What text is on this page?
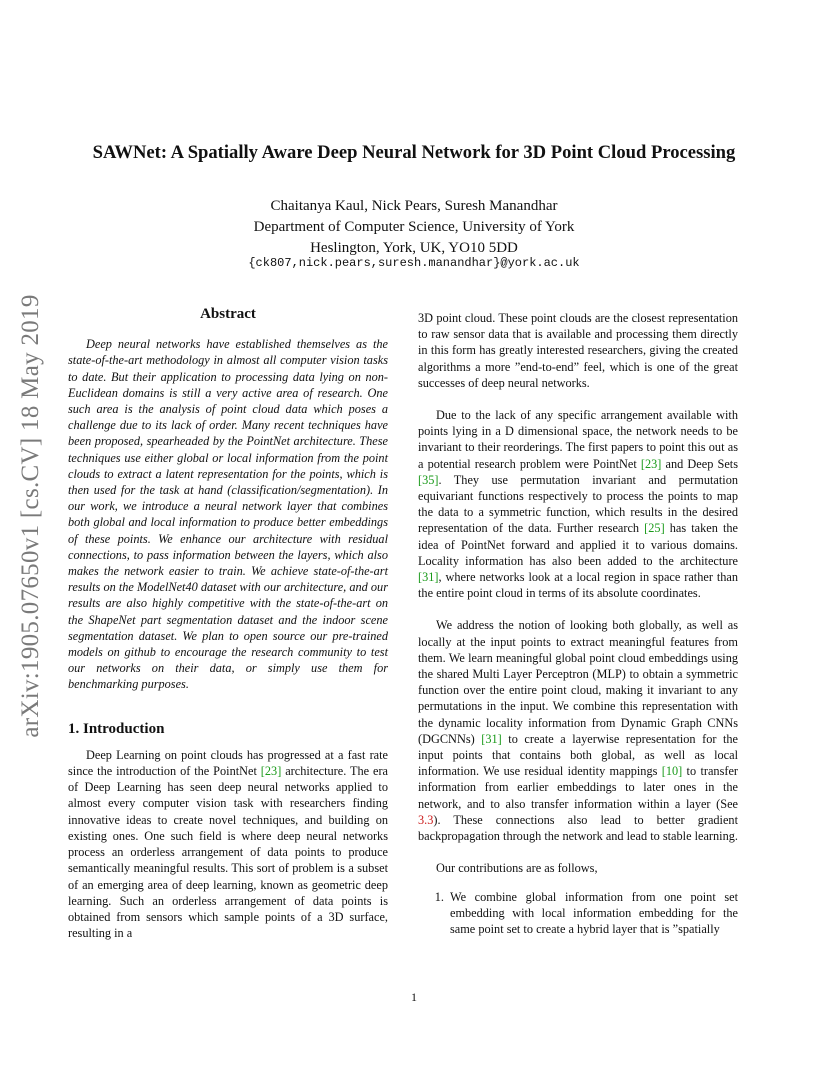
arXiv:1905.07650v1 [cs.CV] 18 May 2019
SAWNet: A Spatially Aware Deep Neural Network for 3D Point Cloud Processing
Chaitanya Kaul, Nick Pears, Suresh Manandhar
Department of Computer Science, University of York
Heslington, York, UK, YO10 5DD
{ck807,nick.pears,suresh.manandhar}@york.ac.uk
Abstract

Deep neural networks have established themselves as the state-of-the-art methodology in almost all computer vision tasks to date. But their application to processing data lying on non-Euclidean domains is still a very active area of research. One such area is the analysis of point cloud data which poses a challenge due to its lack of order. Many recent techniques have been proposed, spearheaded by the PointNet architecture. These techniques use either global or local information from the point clouds to extract a latent representation for the points, which is then used for the task at hand (classification/segmentation). In our work, we introduce a neural network layer that combines both global and local information to produce better embeddings of these points. We enhance our architecture with residual connections, to pass information between the layers, which also makes the network easier to train. We achieve state-of-the-art results on the ModelNet40 dataset with our architecture, and our results are also highly competitive with the state-of-the-art on the ShapeNet part segmentation dataset and the indoor scene segmentation dataset. We plan to open source our pre-trained models on github to encourage the research community to test our networks on their data, or simply use them for benchmarking purposes.

1. Introduction

Deep Learning on point clouds has progressed at a fast rate since the introduction of the PointNet [23] architecture. The era of Deep Learning has seen deep neural networks applied to almost every computer vision task with researchers finding innovative ideas to create novel techniques, and building on existing ones. One such field is where deep neural networks process an orderless arrangement of data points to produce semantically meaningful results. This sort of problem is a subset of an emerging area of deep learning, known as geometric deep learning. Such an orderless arrangement of data points is obtained from sensors which sample points of a 3D surface, resulting in a

3D point cloud. These point clouds are the closest representation to raw sensor data that is available and processing them directly in this form has greatly interested researchers, giving the created algorithms a more ”end-to-end” feel, which is one of the great successes of deep neural networks.

Due to the lack of any specific arrangement available with points lying in a D dimensional space, the network needs to be invariant to their reorderings. The first papers to point this out as a potential research problem were PointNet [23] and Deep Sets [35]. They use permutation invariant and permutation equivariant functions respectively to process the points to map the data to a symmetric function, which results in the desired representation of the data. Further research [25] has taken the idea of PointNet forward and applied it to various domains. Locality information has also been added to the architecture [31], where networks look at a local region in space rather than the entire point cloud in terms of its absolute coordinates.

We address the notion of looking both globally, as well as locally at the input points to extract meaningful features from them. We learn meaningful global point cloud embeddings using the shared Multi Layer Perceptron (MLP) to obtain a symmetric function over the entire point cloud, making it invariant to any permutations in the input. We combine this representation with the dynamic locality information from Dynamic Graph CNNs (DGCNNs) [31] to create a layerwise representation for the input points that contains both global, as well as local information. We use residual identity mappings [10] to transfer information from earlier embeddings to later ones in the network, and to also transfer information within a layer (See 3.3). These connections also lead to better gradient backpropagation through the network and lead to stable learning.

Our contributions are as follows,

1. We combine global information from one point set embedding with local information embedding for the same point set to create a hybrid layer that is ”spatially
1
